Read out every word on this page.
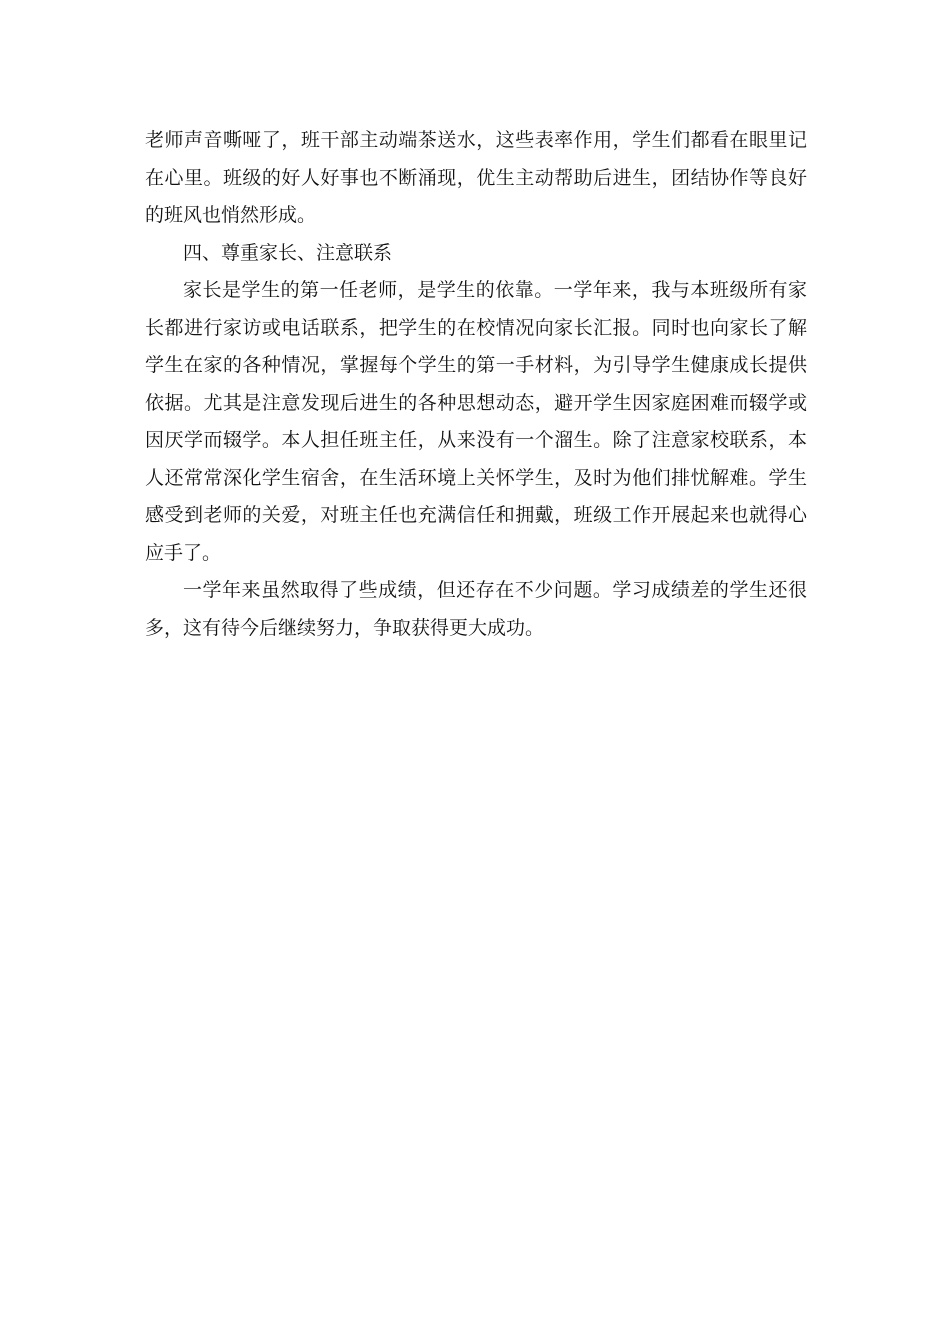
老师声音嘶哑了，班干部主动端茶送水，这些表率作用，学生们都看在眼里记在心里。班级的好人好事也不断涌现，优生主动帮助后进生，团结协作等良好的班风也悄然形成。

四、尊重家长、注意联系

家长是学生的第一任老师，是学生的依靠。一学年来，我与本班级所有家长都进行家访或电话联系，把学生的在校情况向家长汇报。同时也向家长了解学生在家的各种情况，掌握每个学生的第一手材料，为引导学生健康成长提供依据。尤其是注意发现后进生的各种思想动态，避开学生因家庭困难而辍学或因厌学而辍学。本人担任班主任，从来没有一个溜生。除了注意家校联系，本人还常常深化学生宿舍，在生活环境上关怀学生，及时为他们排忧解难。学生感受到老师的关爱，对班主任也充满信任和拥戴，班级工作开展起来也就得心应手了。

一学年来虽然取得了些成绩，但还存在不少问题。学习成绩差的学生还很多，这有待今后继续努力，争取获得更大成功。
